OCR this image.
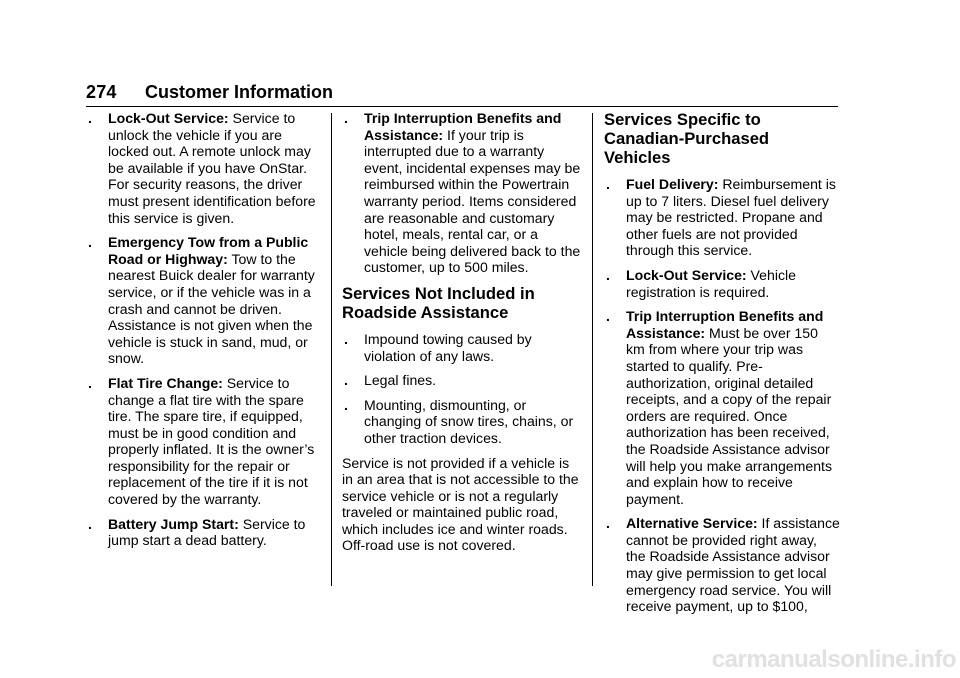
274 Customer Information
. Lock-Out Service: Service to unlock the vehicle if you are locked out. A remote unlock may be available if you have OnStar. For security reasons, the driver must present identification before this service is given.
. Emergency Tow from a Public Road or Highway: Tow to the nearest Buick dealer for warranty service, or if the vehicle was in a crash and cannot be driven. Assistance is not given when the vehicle is stuck in sand, mud, or snow.
. Flat Tire Change: Service to change a flat tire with the spare tire. The spare tire, if equipped, must be in good condition and properly inflated. It is the owner’s responsibility for the repair or replacement of the tire if it is not covered by the warranty.
. Battery Jump Start: Service to jump start a dead battery.
. Trip Interruption Benefits and Assistance: If your trip is interrupted due to a warranty event, incidental expenses may be reimbursed within the Powertrain warranty period. Items considered are reasonable and customary hotel, meals, rental car, or a vehicle being delivered back to the customer, up to 500 miles.
Services Not Included in Roadside Assistance
. Impound towing caused by violation of any laws.
. Legal fines.
. Mounting, dismounting, or changing of snow tires, chains, or other traction devices.

Service is not provided if a vehicle is in an area that is not accessible to the service vehicle or is not a regularly traveled or maintained public road, which includes ice and winter roads. Off-road use is not covered.

Services Specific to Canadian-Purchased Vehicles
. Fuel Delivery: Reimbursement is up to 7 liters. Diesel fuel delivery may be restricted. Propane and other fuels are not provided through this service.
. Lock-Out Service: Vehicle registration is required.
. Trip Interruption Benefits and Assistance: Must be over 150 km from where your trip was started to qualify. Pre-authorization, original detailed receipts, and a copy of the repair orders are required. Once authorization has been received, the Roadside Assistance advisor will help you make arrangements and explain how to receive payment.
. Alternative Service: If assistance cannot be provided right away, the Roadside Assistance advisor may give permission to get local emergency road service. You will receive payment, up to $100,
carmanualsonline.info
